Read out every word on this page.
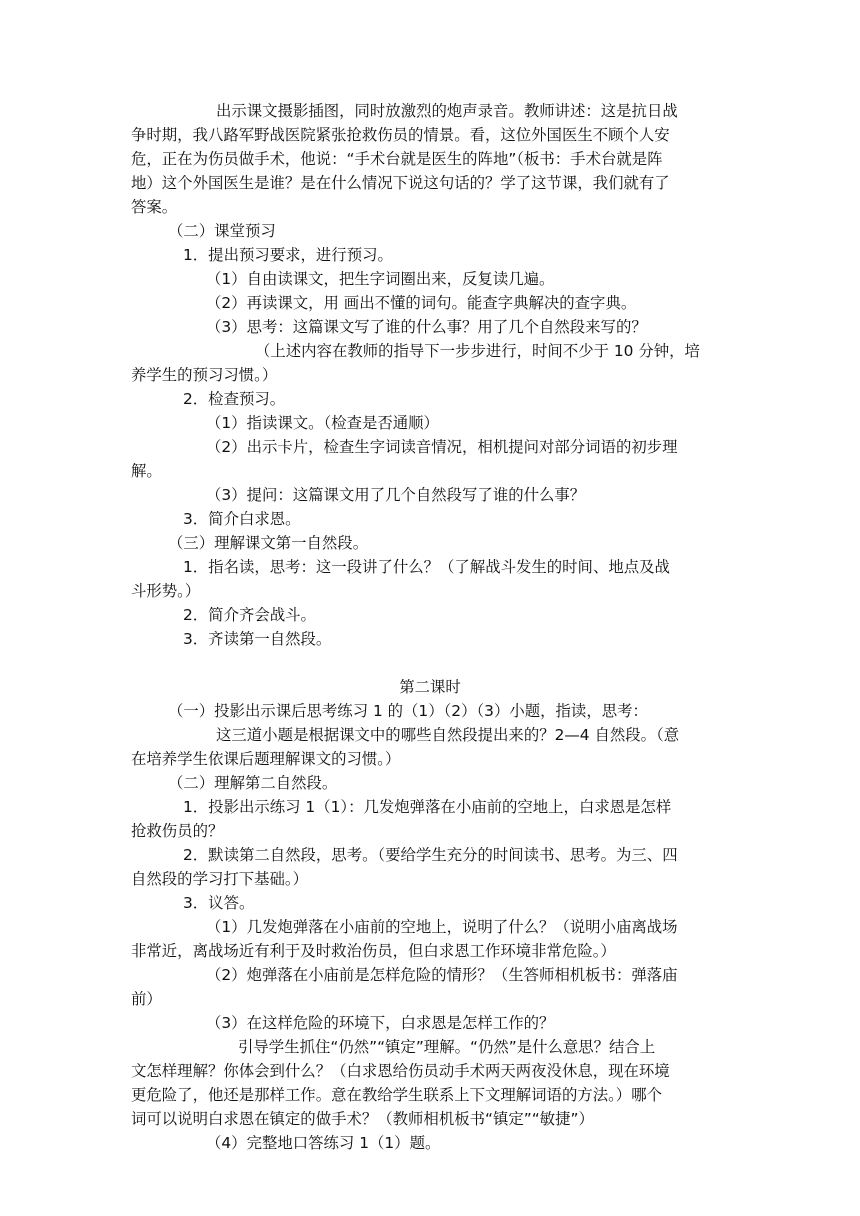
出示课文摄影插图，同时放激烈的炮声录音。教师讲述：这是抗日战
争时期，我八路军野战医院紧张抢救伤员的情景。看，这位外国医生不顾个人安
危，正在为伤员做手术，他说：“手术台就是医生的阵地”（板书：手术台就是阵
地）这个外国医生是谁？是在什么情况下说这句话的？学了这节课，我们就有了
答案。
（二）课堂预习
1．提出预习要求，进行预习。
（1）自由读课文，把生字词圈出来，反复读几遍。
（2）再读课文，用 画出不懂的词句。能查字典解决的查字典。
（3）思考：这篇课文写了谁的什么事？用了几个自然段来写的？
（上述内容在教师的指导下一步步进行，时间不少于 10 分钟，培
养学生的预习习惯。）
2．检查预习。
（1）指读课文。（检查是否通顺）
（2）出示卡片，检查生字词读音情况，相机提问对部分词语的初步理
解。
（3）提问：这篇课文用了几个自然段写了谁的什么事？
3．简介白求恩。
（三）理解课文第一自然段。
1．指名读，思考：这一段讲了什么？（了解战斗发生的时间、地点及战
斗形势。）
2．简介齐会战斗。
3．齐读第一自然段。
第二课时
（一）投影出示课后思考练习 1 的（1）（2）（3）小题，指读，思考：
这三道小题是根据课文中的哪些自然段提出来的？2—4 自然段。（意
在培养学生依课后题理解课文的习惯。）
（二）理解第二自然段。
1．投影出示练习 1（1）：几发炮弹落在小庙前的空地上，白求恩是怎样
抢救伤员的？
2．默读第二自然段，思考。（要给学生充分的时间读书、思考。为三、四
自然段的学习打下基础。）
3．议答。
（1）几发炮弹落在小庙前的空地上，说明了什么？（说明小庙离战场
非常近，离战场近有利于及时救治伤员，但白求恩工作环境非常危险。）
（2）炮弹落在小庙前是怎样危险的情形？（生答师相机板书：弹落庙
前）
（3）在这样危险的环境下，白求恩是怎样工作的？
引导学生抓住“仍然”“镇定”理解。“仍然”是什么意思？结合上
文怎样理解？你体会到什么？（白求恩给伤员动手术两天两夜没休息，现在环境
更危险了，他还是那样工作。意在教给学生联系上下文理解词语的方法。）哪个
词可以说明白求恩在镇定的做手术？（教师相机板书“镇定”“敏捷”）
（4）完整地口答练习 1（1）题。
